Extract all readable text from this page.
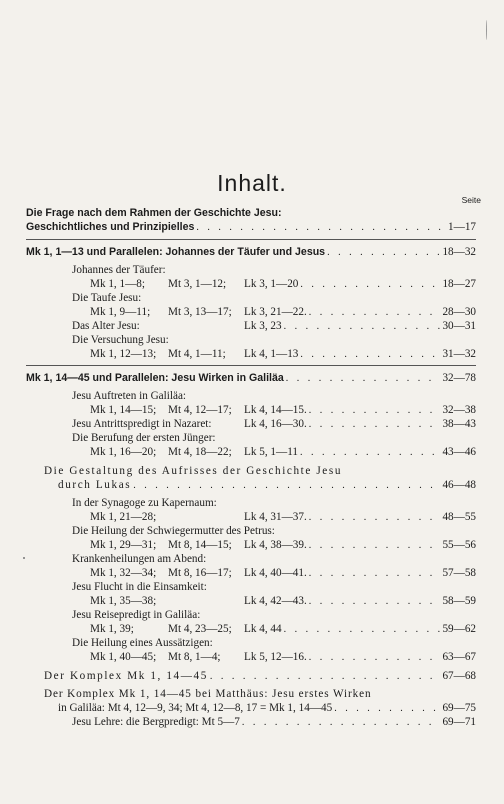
Inhalt.
Seite
Die Frage nach dem Rahmen der Geschichte Jesu:
Geschichtliches und Prinzipielles . . .	1—17
Mk 1, 1—13 und Parallelen: Johannes der Täufer und Jesus . . .	18—32
Johannes der Täufer:
Mk 1, 1—8;	Mt 3, 1—12;	Lk 3, 1—20 . . .	18—27
Die Taufe Jesu:
Mk 1, 9—11;	Mt 3, 13—17;	Lk 3, 21—22. . . .	28—30
Das Alter Jesu:	Lk 3, 23 . . .	30—31
Die Versuchung Jesu:
Mk 1, 12—13;	Mt 4, 1—11;	Lk 4, 1—13 . . .	31—32
Mk 1, 14—45 und Parallelen: Jesu Wirken in Galiläa . . .	32—78
Jesu Auftreten in Galiläa:
Mk 1, 14—15;	Mt 4, 12—17;	Lk 4, 14—15. . . .	32—38
Jesu Antrittspredigt in Nazaret:	Lk 4, 16—30. . . .	38—43
Die Berufung der ersten Jünger:
Mk 1, 16—20;	Mt 4, 18—22;	Lk 5, 1—11 . . .	43—46
Die Gestaltung des Aufrisses der Geschichte Jesu
durch Lukas . . .	46—48
In der Synagoge zu Kapernaum:
Mk 1, 21—28;	Lk 4, 31—37. . . .	48—55
Die Heilung der Schwiegermutter des Petrus:
Mk 1, 29—31;	Mt 8, 14—15;	Lk 4, 38—39. . . .	55—56
Krankenheilungen am Abend:
Mk 1, 32—34;	Mt 8, 16—17;	Lk 4, 40—41. . . .	57—58
Jesu Flucht in die Einsamkeit:
Mk 1, 35—38;	Lk 4, 42—43. . . .	58—59
Jesu Reisepredigt in Galiläa:
Mk 1, 39;	Mt 4, 23—25;	Lk 4, 44 . . .	59—62
Die Heilung eines Aussätzigen:
Mk 1, 40—45;	Mt 8, 1—4;	Lk 5, 12—16. . . .	63—67
Der Komplex Mk 1, 14—45 . . .	67—68
Der Komplex Mk 1, 14—45 bei Matthäus: Jesu erstes Wirken
in Galiläa: Mt 4, 12—9, 34; Mt 4, 12—8, 17 = Mk 1, 14—45 . . .	69—75
Jesu Lehre: die Bergpredigt: Mt 5—7 . . .	69—71
